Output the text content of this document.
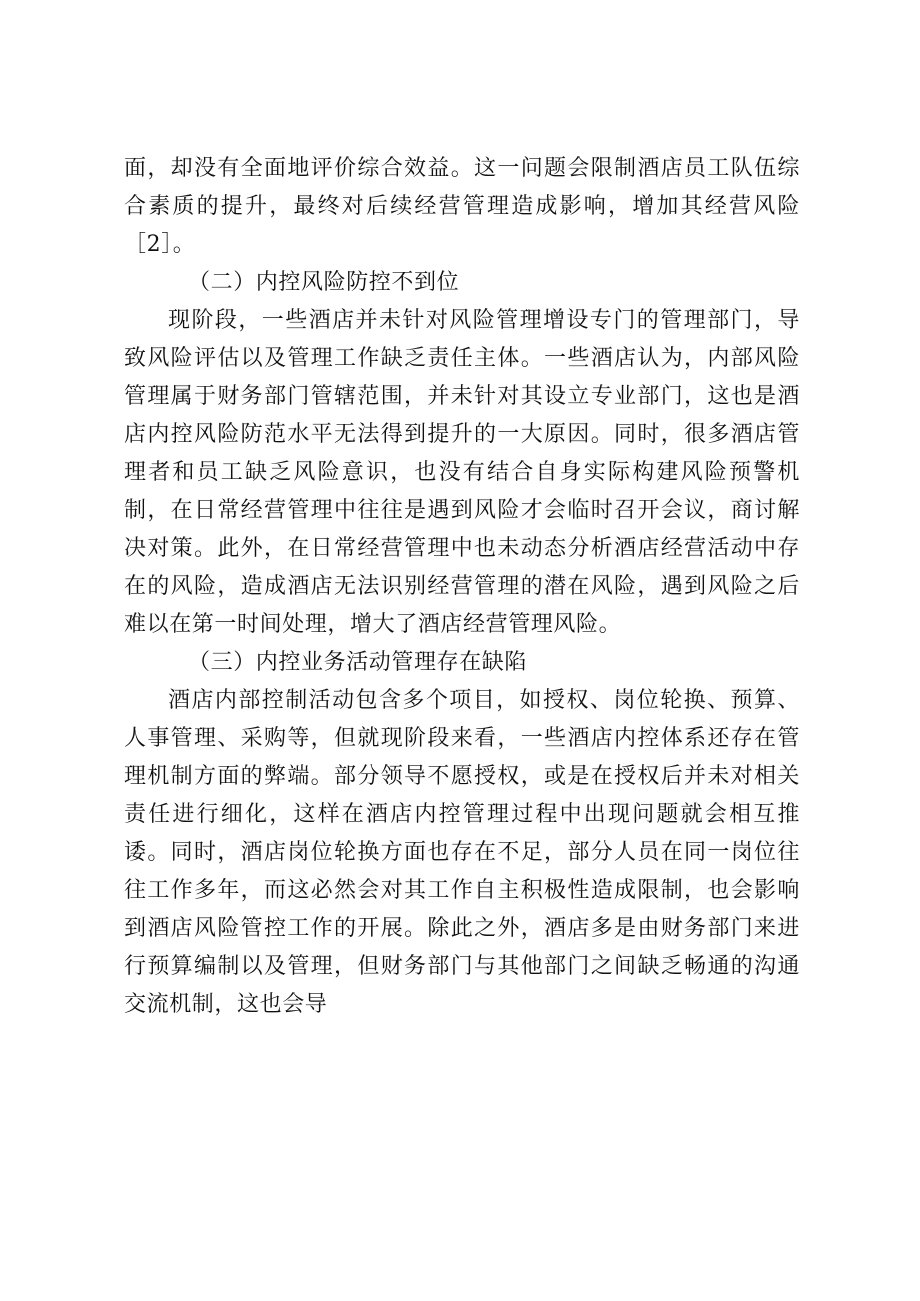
面，却没有全面地评价综合效益。这一问题会限制酒店员工队伍综合素质的提升，最终对后续经营管理造成影响，增加其经营风险［2］。

（二）内控风险防控不到位

现阶段，一些酒店并未针对风险管理增设专门的管理部门，导致风险评估以及管理工作缺乏责任主体。一些酒店认为，内部风险管理属于财务部门管辖范围，并未针对其设立专业部门，这也是酒店内控风险防范水平无法得到提升的一大原因。同时，很多酒店管理者和员工缺乏风险意识，也没有结合自身实际构建风险预警机制，在日常经营管理中往往是遇到风险才会临时召开会议，商讨解决对策。此外，在日常经营管理中也未动态分析酒店经营活动中存在的风险，造成酒店无法识别经营管理的潜在风险，遇到风险之后难以在第一时间处理，增大了酒店经营管理风险。

（三）内控业务活动管理存在缺陷

酒店内部控制活动包含多个项目，如授权、岗位轮换、预算、人事管理、采购等，但就现阶段来看，一些酒店内控体系还存在管理机制方面的弊端。部分领导不愿授权，或是在授权后并未对相关责任进行细化，这样在酒店内控管理过程中出现问题就会相互推诿。同时，酒店岗位轮换方面也存在不足，部分人员在同一岗位往往工作多年，而这必然会对其工作自主积极性造成限制，也会影响到酒店风险管控工作的开展。除此之外，酒店多是由财务部门来进行预算编制以及管理，但财务部门与其他部门之间缺乏畅通的沟通交流机制，这也会导
